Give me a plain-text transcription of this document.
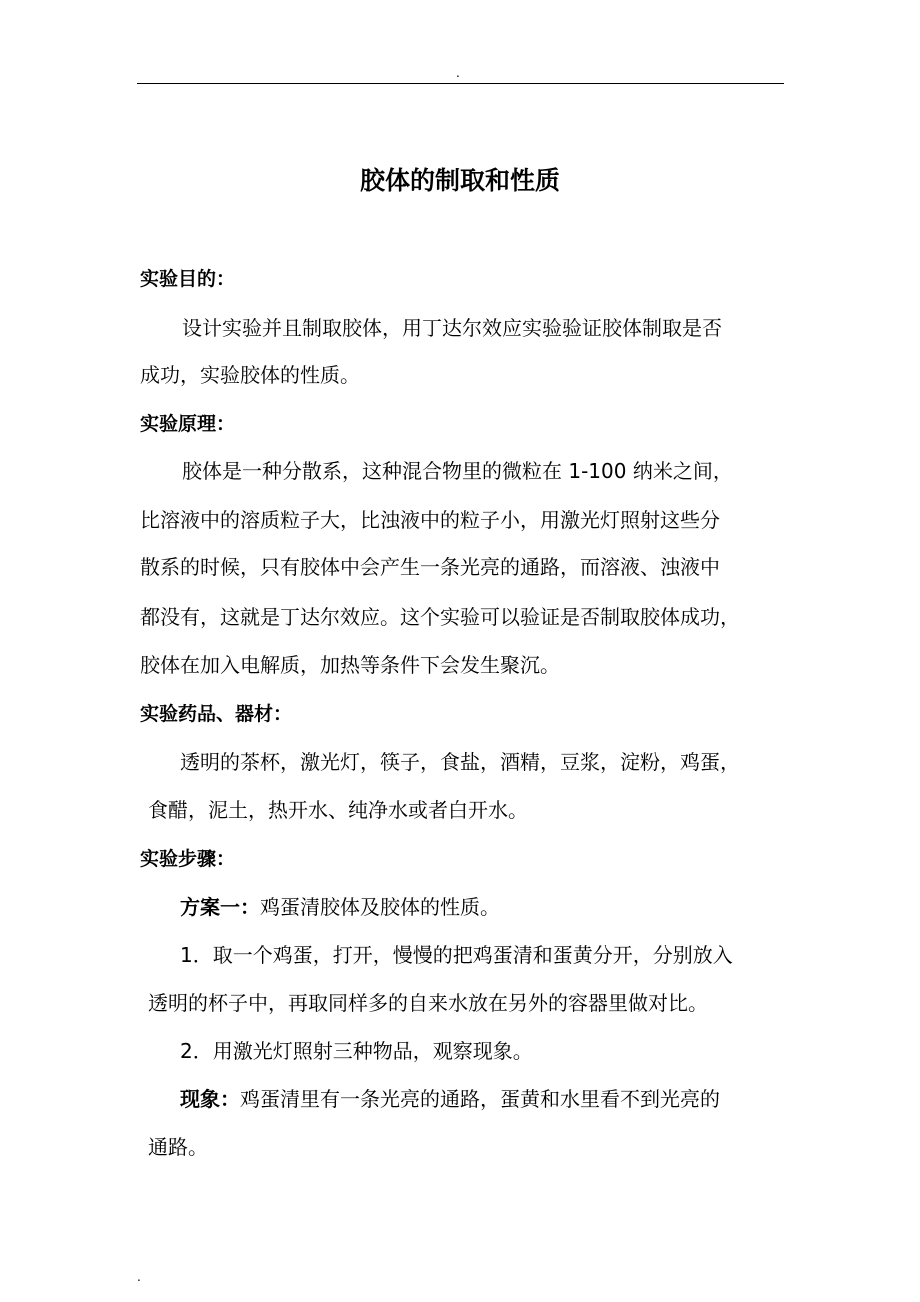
.
胶体的制取和性质
实验目的：
设计实验并且制取胶体，用丁达尔效应实验验证胶体制取是否
成功，实验胶体的性质。
实验原理：
胶体是一种分散系，这种混合物里的微粒在 1-100 纳米之间，
比溶液中的溶质粒子大，比浊液中的粒子小，用激光灯照射这些分
散系的时候，只有胶体中会产生一条光亮的通路，而溶液、浊液中
都没有，这就是丁达尔效应。这个实验可以验证是否制取胶体成功，
胶体在加入电解质，加热等条件下会发生聚沉。
实验药品、器材：
透明的茶杯，激光灯，筷子，食盐，酒精，豆浆，淀粉，鸡蛋，
食醋，泥土，热开水、纯净水或者白开水。
实验步骤：
方案一：鸡蛋清胶体及胶体的性质。
1．取一个鸡蛋，打开，慢慢的把鸡蛋清和蛋黄分开，分别放入
透明的杯子中，再取同样多的自来水放在另外的容器里做对比。
2．用激光灯照射三种物品，观察现象。
现象：鸡蛋清里有一条光亮的通路，蛋黄和水里看不到光亮的
通路。
.
